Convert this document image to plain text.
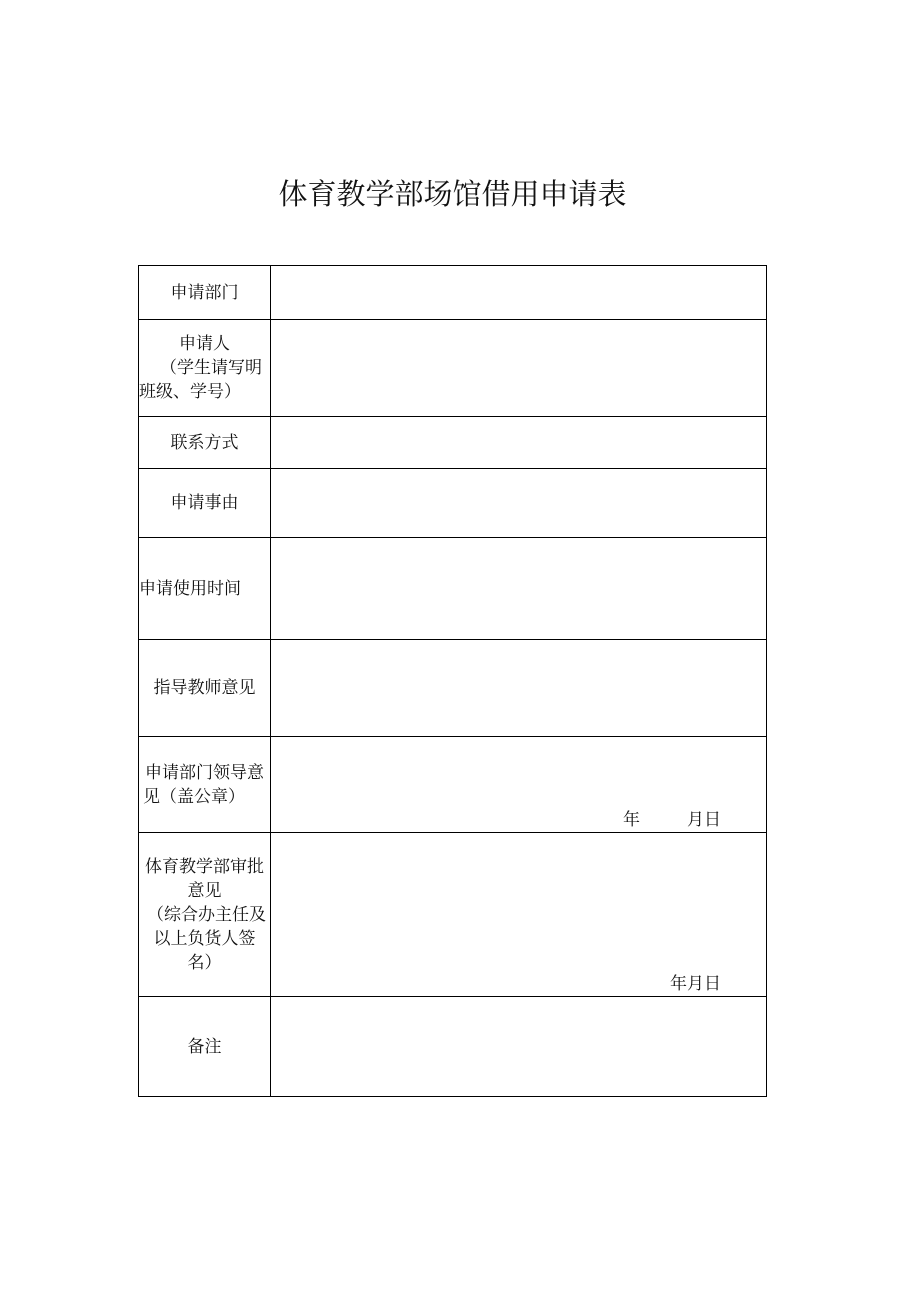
体育教学部场馆借用申请表
申请部门	

申请人
（学生请写明
班级、学号）	

联系方式	

申请事由	

申请使用时间	

指导教师意见	

申请部门领导意
见（盖公章）	年 月日

体育教学部审批
意见
（综合办主任及
以上负货人签
名）	年月日

备注	
